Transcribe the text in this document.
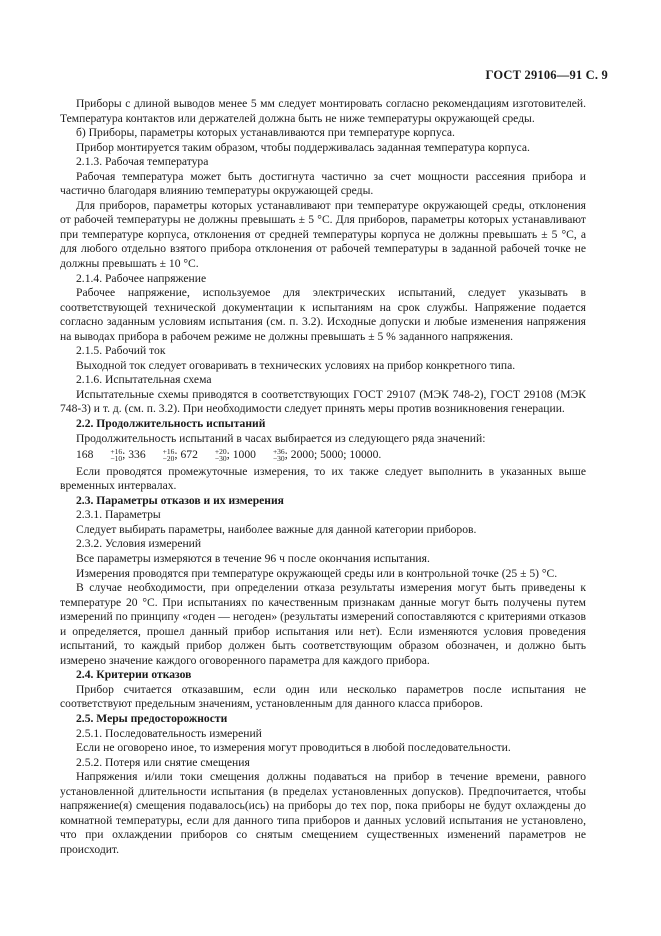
ГОСТ 29106—91 С. 9

Приборы с длиной выводов менее 5 мм следует монтировать согласно рекомендациям изготовителей. Температура контактов или держателей должна быть не ниже температуры окружающей среды.

б) Приборы, параметры которых устанавливаются при температуре корпуса.

Прибор монтируется таким образом, чтобы поддерживалась заданная температура корпуса.

2.1.3. Рабочая температура

Рабочая температура может быть достигнута частично за счет мощности рассеяния прибора и частично благодаря влиянию температуры окружающей среды.

Для приборов, параметры которых устанавливают при температуре окружающей среды, отклонения от рабочей температуры не должны превышать ± 5 °С. Для приборов, параметры которых устанавливают при температуре корпуса, отклонения от средней температуры корпуса не должны превышать ± 5 °С, а для любого отдельно взятого прибора отклонения от рабочей температуры в заданной рабочей точке не должны превышать ± 10 °С.

2.1.4. Рабочее напряжение

Рабочее напряжение, используемое для электрических испытаний, следует указывать в соответствующей технической документации к испытаниям на срок службы. Напряжение подается согласно заданным условиям испытания (см. п. 3.2). Исходные допуски и любые изменения напряжения на выводах прибора в рабочем режиме не должны превышать ± 5 % заданного напряжения.

2.1.5. Рабочий ток

Выходной ток следует оговаривать в технических условиях на прибор конкретного типа.

2.1.6. Испытательная схема

Испытательные схемы приводятся в соответствующих ГОСТ 29107 (МЭК 748-2), ГОСТ 29108 (МЭК 748-3) и т. д. (см. п. 3.2). При необходимости следует принять меры против возникновения генерации.

2.2. Продолжительность испытаний

Продолжительность испытаний в часах выбирается из следующего ряда значений:

168	+16
−10 ; 336	+16
−20 ; 672	+20
−30 ; 1000	+36
−30 ; 2000; 5000; 10000.

Если проводятся промежуточные измерения, то их также следует выполнить в указанных выше временных интервалах.

2.3. Параметры отказов и их измерения

2.3.1. Параметры

Следует выбирать параметры, наиболее важные для данной категории приборов.

2.3.2. Условия измерений

Все параметры измеряются в течение 96 ч после окончания испытания.

Измерения проводятся при температуре окружающей среды или в контрольной точке (25 ± 5) °С.

В случае необходимости, при определении отказа результаты измерения могут быть приведены к температуре 20 °С. При испытаниях по качественным признакам данные могут быть получены путем измерений по принципу «годен — негоден» (результаты измерений сопоставляются с критериями отказов и определяется, прошел данный прибор испытания или нет). Если изменяются условия проведения испытаний, то каждый прибор должен быть соответствующим образом обозначен, и должно быть измерено значение каждого оговоренного параметра для каждого прибора.

2.4. Критерии отказов

Прибор считается отказавшим, если один или несколько параметров после испытания не соответствуют предельным значениям, установленным для данного класса приборов.

2.5. Меры предосторожности

2.5.1. Последовательность измерений

Если не оговорено иное, то измерения могут проводиться в любой последовательности.

2.5.2. Потеря или снятие смещения

Напряжения и/или токи смещения должны подаваться на прибор в течение времени, равного установленной длительности испытания (в пределах установленных допусков). Предпочитается, чтобы напряжение(я) смещения подавалось(ись) на приборы до тех пор, пока приборы не будут охлаждены до комнатной температуры, если для данного типа приборов и данных условий испытания не установлено, что при охлаждении приборов со снятым смещением существенных изменений параметров не происходит.
